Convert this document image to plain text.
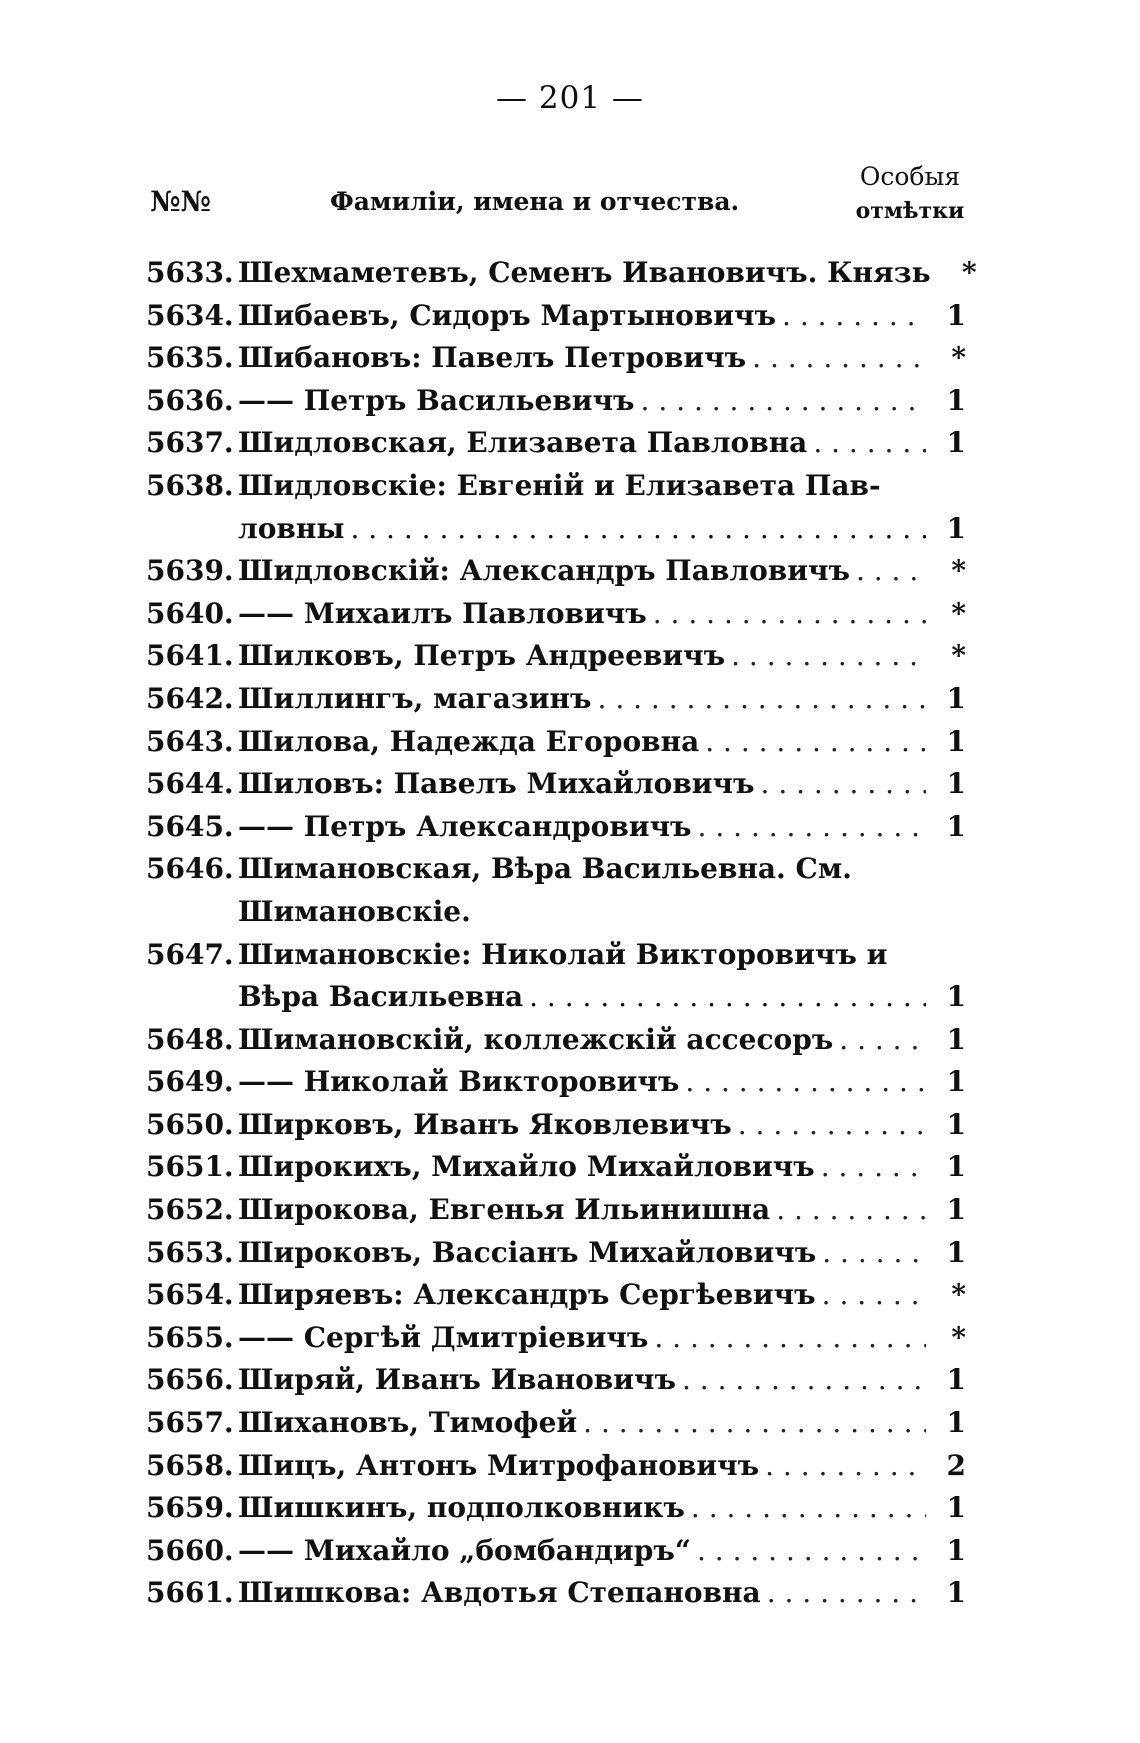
— 201 —
№№	Фамиліи, имена и отчества.
Особыя
отмѣтки
5633. Шехмаметевъ, Семенъ Ивановичъ. Князь	*
5634. Шибаевъ, Сидоръ Мартыновичъ . . .	1
5635. Шибановъ: Павелъ Петровичъ . . .	*
5636. —— Петръ Васильевичъ . . .	1
5637. Шидловская, Елизавета Павловна . . .	1
5638. Шидловскіе: Евгеній и Елизавета Пав-
ловны . . .	1
5639. Шидловскій: Александръ Павловичъ . . .	*
5640. —— Михаилъ Павловичъ . . .	*
5641. Шилковъ, Петръ Андреевичъ . . .	*
5642. Шиллингъ, магазинъ . . .	1
5643. Шилова, Надежда Егоровна . . .	1
5644. Шиловъ: Павелъ Михайловичъ . . .	1
5645. —— Петръ Александровичъ . . .	1
5646. Шимановская, Вѣра Васильевна. См.
Шимановскіе.
5647. Шимановскіе: Николай Викторовичъ и
Вѣра Васильевна . . .	1
5648. Шимановскій, коллежскій ассесоръ . . .	1
5649. —— Николай Викторовичъ . . .	1
5650. Ширковъ, Иванъ Яковлевичъ . . .	1
5651. Широкихъ, Михайло Михайловичъ . . .	1
5652. Широкова, Евгенья Ильинишна . . .	1
5653. Широковъ, Вассіанъ Михайловичъ . . .	1
5654. Ширяевъ: Александръ Сергѣевичъ . . .	*
5655. —— Сергѣй Дмитріевичъ . . .	*
5656. Ширяй, Иванъ Ивановичъ . . .	1
5657. Шихановъ, Тимофей . . .	1
5658. Шицъ, Антонъ Митрофановичъ . . .	2
5659. Шишкинъ, подполковникъ . . .	1
5660. —— Михайло „бомбандиръ“ . . .	1
5661. Шишкова: Авдотья Степановна . . .	1
